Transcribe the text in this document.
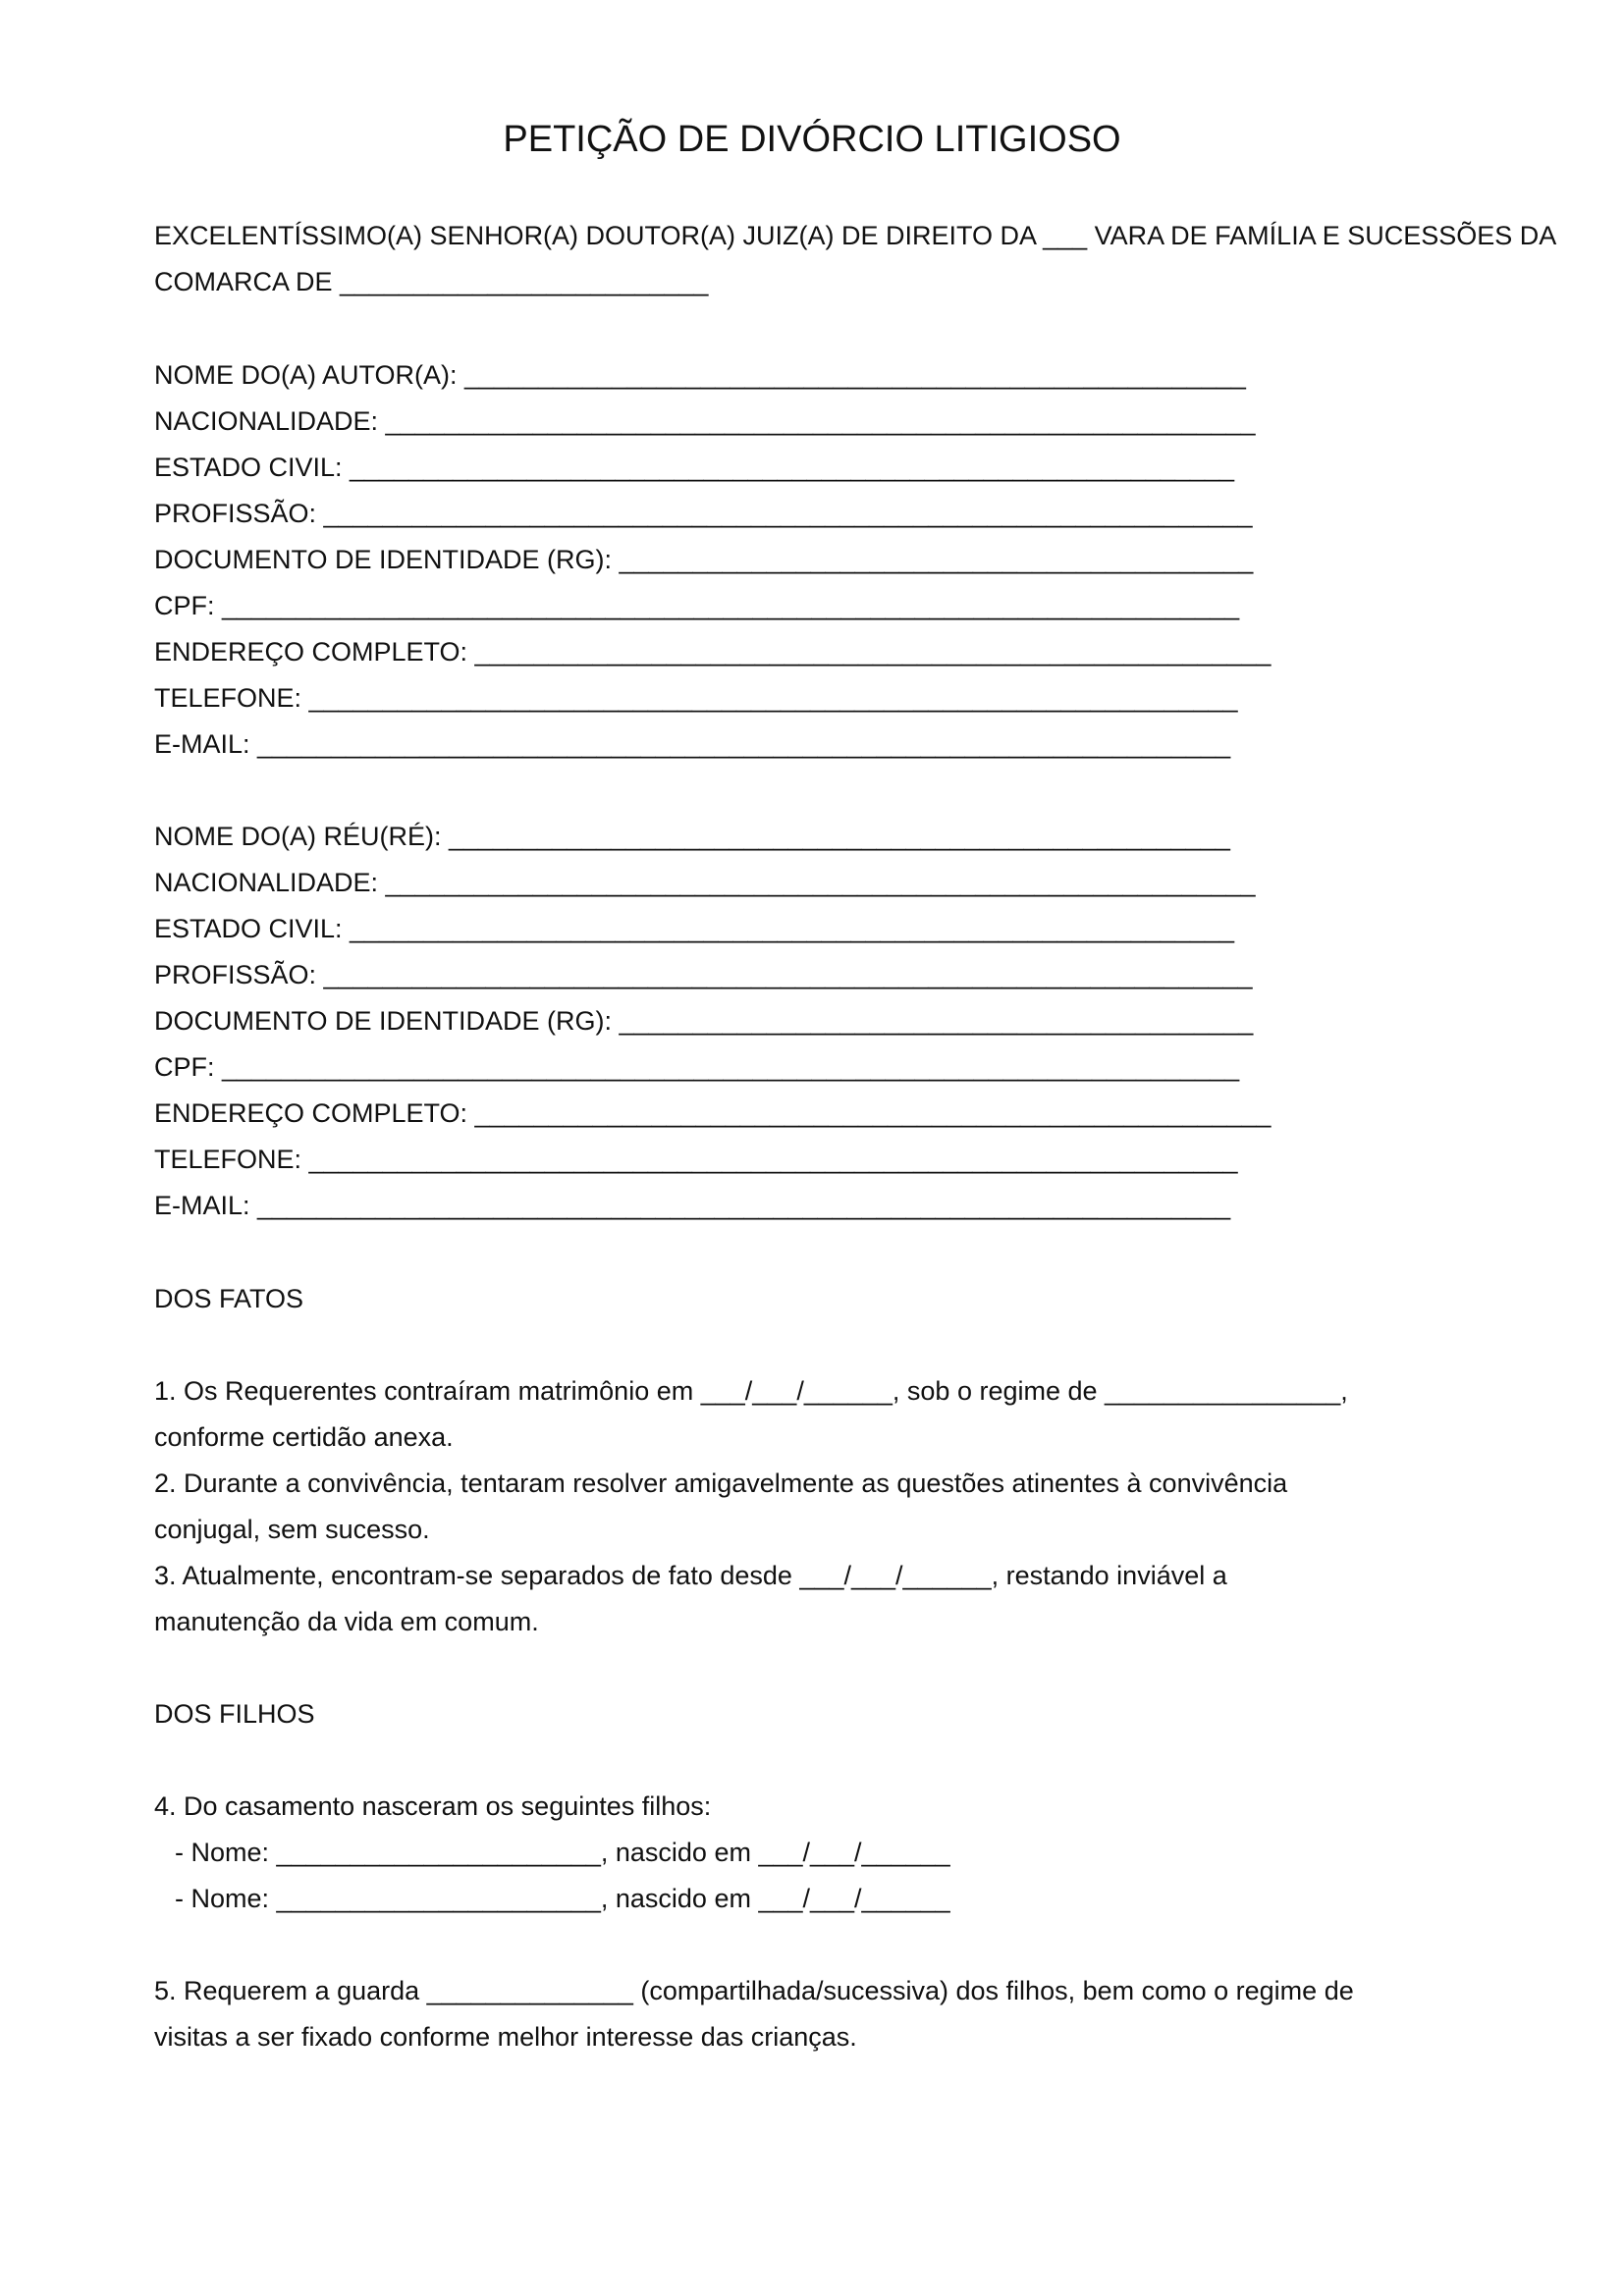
PETIÇÃO DE DIVÓRCIO LITIGIOSO

EXCELENTÍSSIMO(A) SENHOR(A) DOUTOR(A) JUIZ(A) DE DIREITO DA ___ VARA DE FAMÍLIA E SUCESSÕES DA

COMARCA DE _________________________

NOME DO(A) AUTOR(A): _____________________________________________________

NACIONALIDADE: ___________________________________________________________

ESTADO CIVIL: ____________________________________________________________

PROFISSÃO: _______________________________________________________________

DOCUMENTO DE IDENTIDADE (RG): ___________________________________________

CPF: _____________________________________________________________________

ENDEREÇO COMPLETO: ______________________________________________________

TELEFONE: _______________________________________________________________

E-MAIL: __________________________________________________________________

NOME DO(A) RÉU(RÉ): _____________________________________________________

NACIONALIDADE: ___________________________________________________________

ESTADO CIVIL: ____________________________________________________________

PROFISSÃO: _______________________________________________________________

DOCUMENTO DE IDENTIDADE (RG): ___________________________________________

CPF: _____________________________________________________________________

ENDEREÇO COMPLETO: ______________________________________________________

TELEFONE: _______________________________________________________________

E-MAIL: __________________________________________________________________

DOS FATOS

1. Os Requerentes contraíram matrimônio em ___/___/______, sob o regime de ________________,

conforme certidão anexa.

2. Durante a convivência, tentaram resolver amigavelmente as questões atinentes à convivência

conjugal, sem sucesso.

3. Atualmente, encontram-se separados de fato desde ___/___/______, restando inviável a

manutenção da vida em comum.

DOS FILHOS

4. Do casamento nasceram os seguintes filhos:

- Nome: ______________________, nascido em ___/___/______

- Nome: ______________________, nascido em ___/___/______

5. Requerem a guarda ______________ (compartilhada/sucessiva) dos filhos, bem como o regime de

visitas a ser fixado conforme melhor interesse das crianças.
